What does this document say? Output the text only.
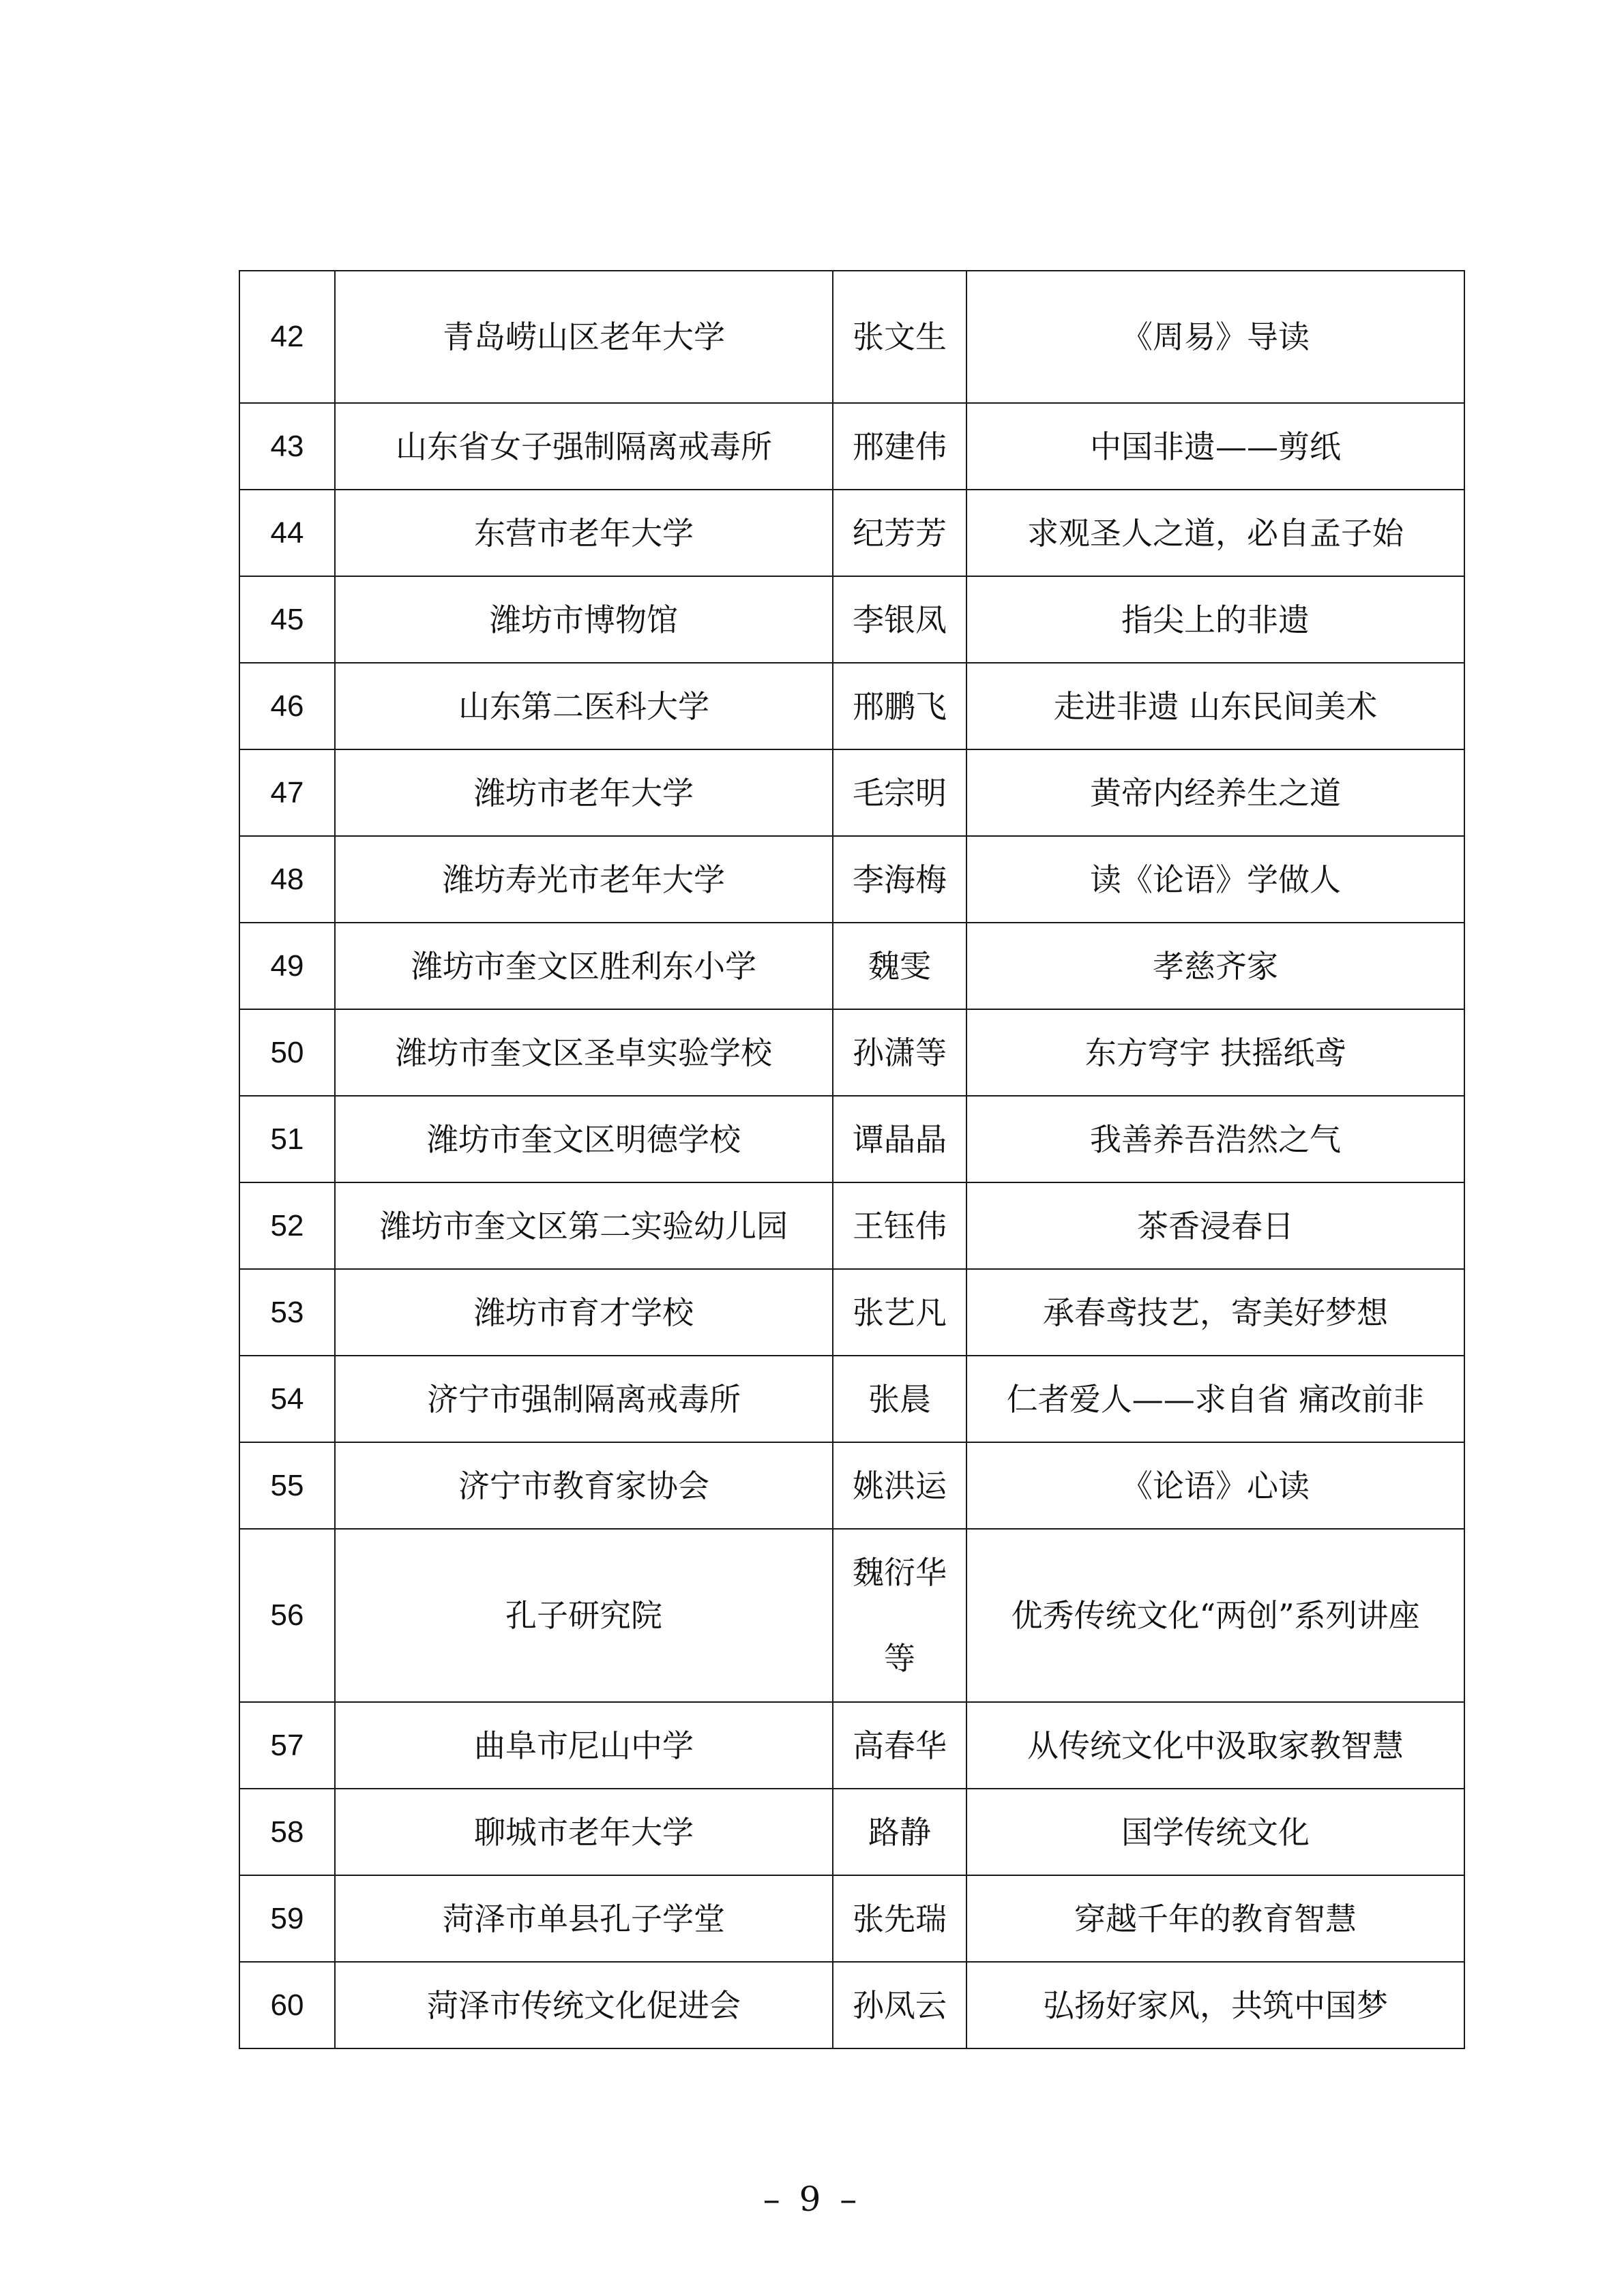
42	青岛崂山区老年大学	张文生	《周易》导读
43	山东省女子强制隔离戒毒所	邢建伟	中国非遗——剪纸
44	东营市老年大学	纪芳芳	求观圣人之道，必自孟子始
45	潍坊市博物馆	李银凤	指尖上的非遗
46	山东第二医科大学	邢鹏飞	走进非遗 山东民间美术
47	潍坊市老年大学	毛宗明	黄帝内经养生之道
48	潍坊寿光市老年大学	李海梅	读《论语》学做人
49	潍坊市奎文区胜利东小学	魏雯	孝慈齐家
50	潍坊市奎文区圣卓实验学校	孙潇等	东方穹宇 扶摇纸鸢
51	潍坊市奎文区明德学校	谭晶晶	我善养吾浩然之气
52	潍坊市奎文区第二实验幼儿园	王钰伟	茶香浸春日
53	潍坊市育才学校	张艺凡	承春鸢技艺，寄美好梦想
54	济宁市强制隔离戒毒所	张晨	仁者爱人——求自省 痛改前非
55	济宁市教育家协会	姚洪运	《论语》心读
56	孔子研究院	魏衍华等	优秀传统文化“两创”系列讲座
57	曲阜市尼山中学	高春华	从传统文化中汲取家教智慧
58	聊城市老年大学	路静	国学传统文化
59	菏泽市单县孔子学堂	张先瑞	穿越千年的教育智慧
60	菏泽市传统文化促进会	孙凤云	弘扬好家风，共筑中国梦
– 9 –
